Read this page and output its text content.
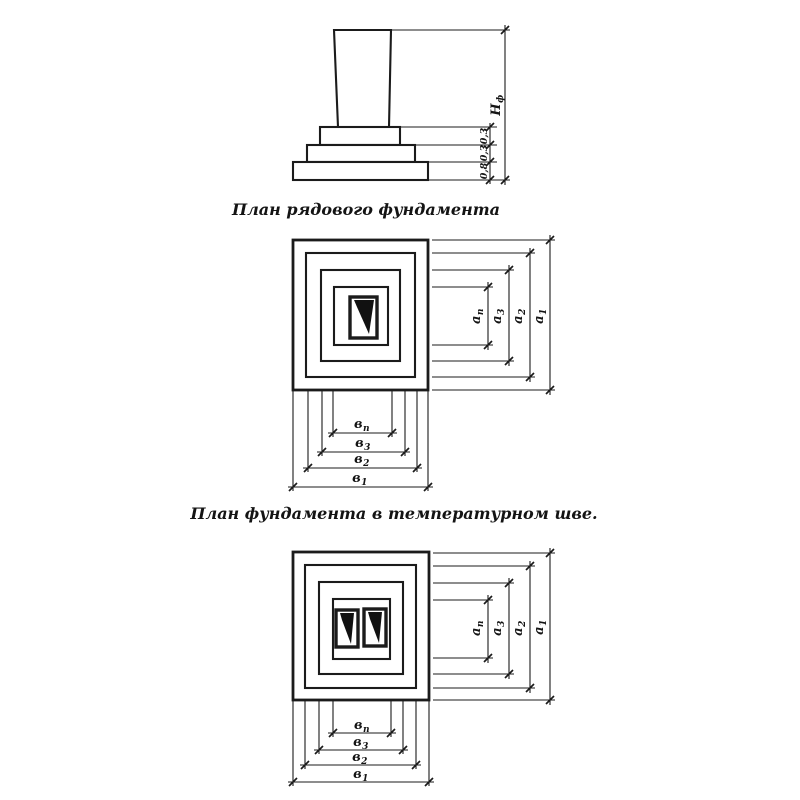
0,3
0,3
0,8
$Н_ф$
План рядового фундамента
$а_п$
$а_3$
$а_2$
$а_1$
$в_п$
$в_3$
$в_2$
$в_1$
План фундамента в температурном шве.
$а_п$
$а_3$
$а_2$
$а_1$
$в_п$
$в_3$
$в_2$
$в_1$
